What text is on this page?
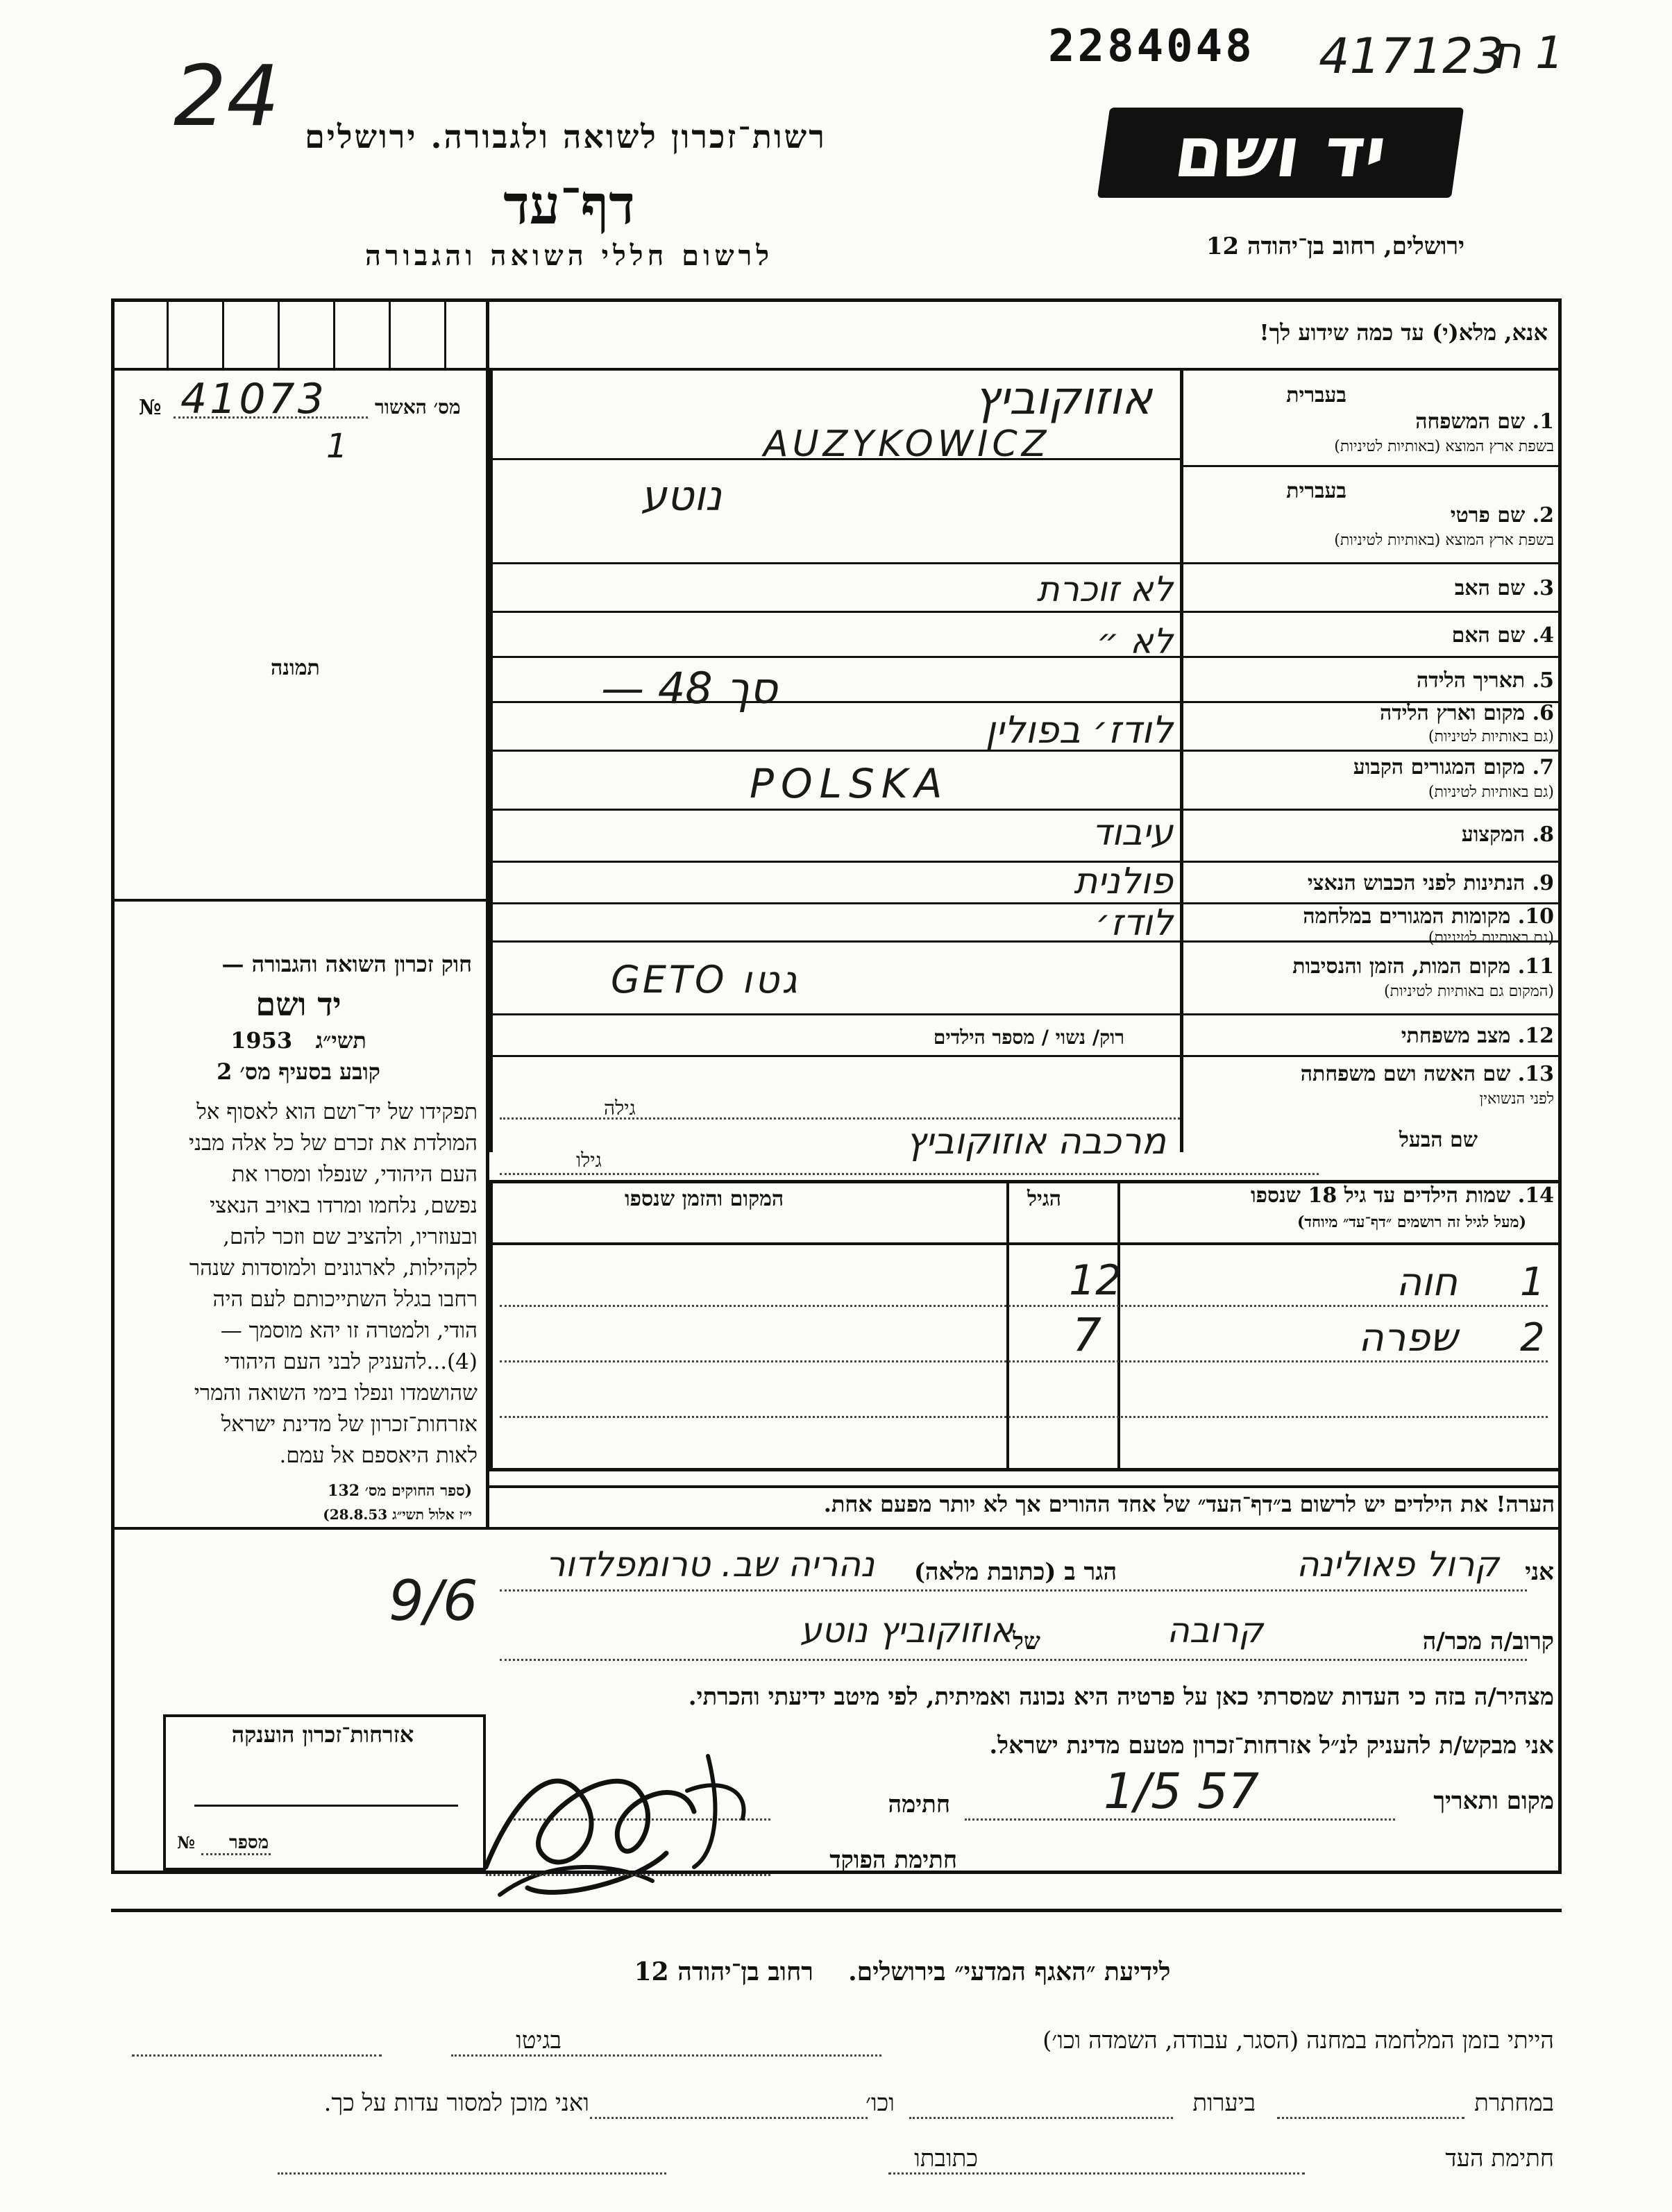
2284048 417123
1 ח
24 רשות־זכרון לשואה ולגבורה. ירושלים
דף־עד
לרשום חללי השואה והגבורה
יד ושם
ירושלים, רחוב בן־יהודה 12
№ 41073
1
מס׳ האשור
תמונה
חוק זכרון השואה והגבורה —
יד ושם
1953 תשי״ג
קובע בסעיף מס׳ 2
תפקידו של יד־ושם הוא לאסוף אל
המולדת את זכרם של כל אלה מבני
העם היהודי, שנפלו ומסרו את
נפשם, נלחמו ומרדו באויב הנאצי
ובעוזריו, ולהציב שם וזכר להם,
לקהילות, לארגונים ולמוסדות שנהר
רחבו בגלל השתייכותם לעם היה
הודי, ולמטרה זו יהא מוסמך —
(4)...להעניק לבני העם היהודי
שהושמדו ונפלו בימי השואה והמרי
אזרחות־זכרון של מדינת ישראל
לאות היאספם אל עמם.
(ספר החוקים מס׳ 132
י״ז אלול תשי״ג 28.8.53)
אנא, מלא(י) עד כמה שידוע לך!
בעברית
1. שם המשפחה
בשפת ארץ המוצא (באותיות לטיניות)
בעברית
2. שם פרטי
בשפת ארץ המוצא (באותיות לטיניות)
3. שם האב
4. שם האם
5. תאריך הלידה
6. מקום וארץ הלידה
(גם באותיות לטיניות)
7. מקום המגורים הקבוע
(גם באותיות לטיניות)
8. המקצוע
9. הנתינות לפני הכבוש הנאצי
10. מקומות המגורים במלחמה
(גם באותיות לטיניות)
11. מקום המות, הזמן והנסיבות
(המקום גם באותיות לטיניות)
12. מצב משפחתי
13. שם האשה ושם משפחתה
לפני הנשואין
שם הבעל
אוזוקוביץ
AUZYKOWICZ
נוטע
לא זוכרת
לא ״
סך 48 —
לודז׳ בפולין
POLSKA
עיבוד
פולנית
לודז׳
GETO גטו
רוק/ נשוי / מספר הילדים
גילה
גילו	מרכבה אוזוקוביץ
14. שמות הילדים עד גיל 18 שנספו
(מעל לגיל זה רושמים ״דף־עד״ מיוחד)
הגיל
המקום והזמן שנספו
1
חוה
12
2
שפרה
7
הערה! את הילדים יש לרשום ב״דף־העד״ של אחד ההורים אך לא יותר מפעם אחת.
9/6	אני
קרול פאולינה
הגר ב (כתובת מלאה)
נהריה שב. טרומפלדור
קרוב/ה מכר/ה
קרובה
של
אוזוקוביץ נוטע
מצהיר/ה בזה כי העדות שמסרתי כאן על פרטיה היא נכונה ואמיתית, לפי מיטב ידיעתי והכרתי.
אני מבקש/ת להעניק לנ״ל אזרחות־זכרון מטעם מדינת ישראל.
מקום ותאריך
1/5 57
חתימה
חתימת הפוקד
אזרחות־זכרון הוענקה
№ מספר
לידיעת ״האגף המדעי״ בירושלים.    רחוב בן־יהודה 12
הייתי בזמן המלחמה במחנה (הסגר, עבודה, השמדה וכו׳)
בגיטו
במחתרת
ביערות
וכו׳
ואני מוכן למסור עדות על כך.
חתימת העד
כתובתו
